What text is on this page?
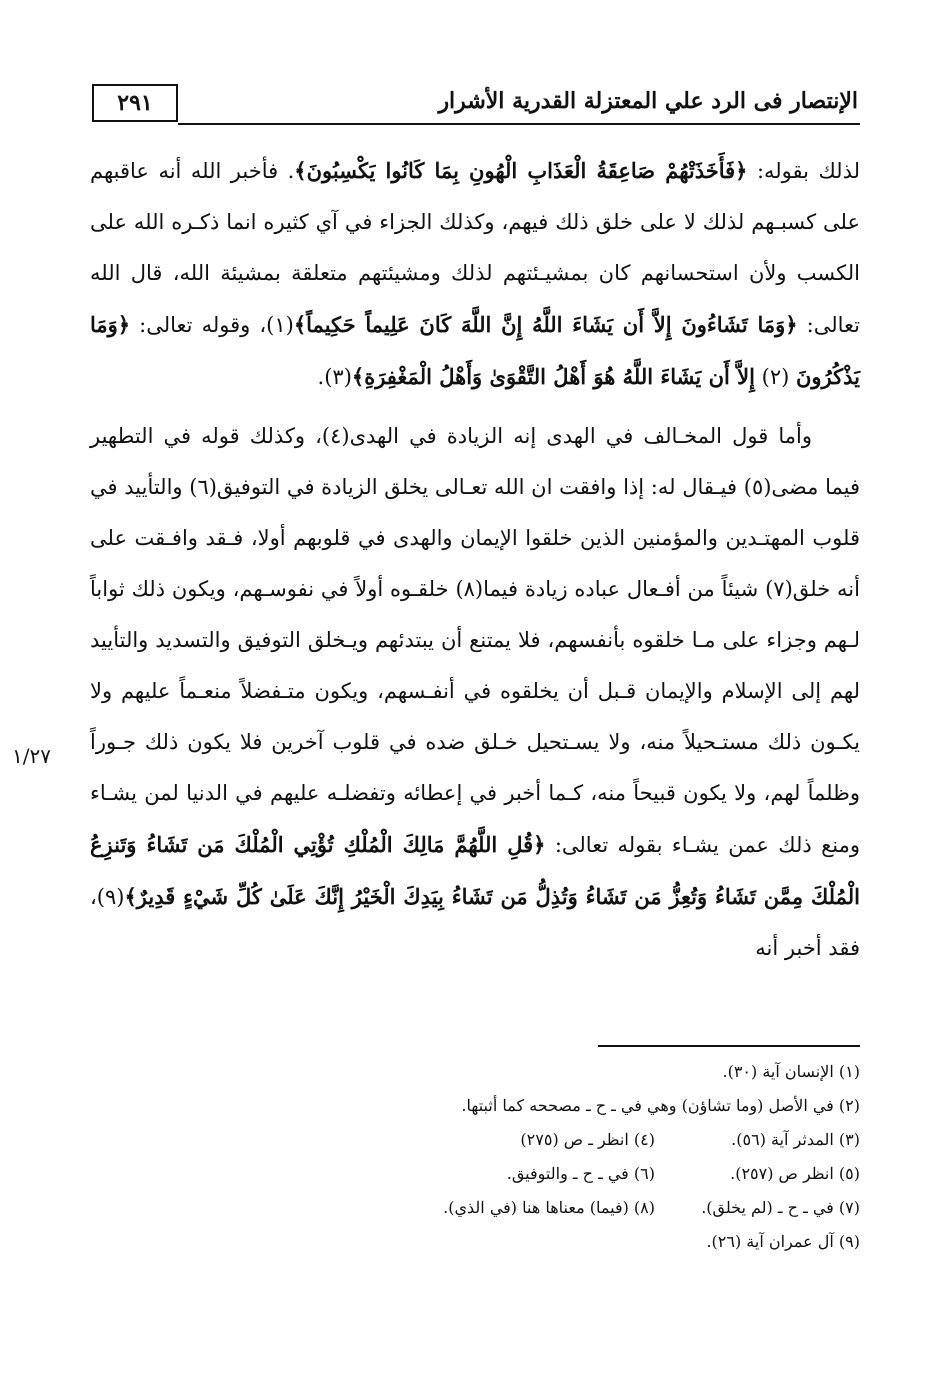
٢٩١	الإنتصار فى الرد علي المعتزلة القدرية الأشرار
١/٢٧

لذلك بقوله: ﴿فَأَخَذَتْهُمْ صَاعِقَةُ الْعَذَابِ الْهُونِ بِمَا كَانُوا يَكْسِبُونَ﴾. فأخبر الله أنه عاقبهم على كسبـهم لذلك لا على خلق ذلك فيهم، وكذلك الجزاء في آي كثيره انما ذكـره الله على الكسب ولأن استحسانهم كان بمشيـئتهم لذلك ومشيئتهم متعلقة بمشيئة الله، قال الله تعالى: ﴿وَمَا تَشَاءُونَ إِلاَّ أَن يَشَاءَ اللَّهُ إِنَّ اللَّهَ كَانَ عَلِيماً حَكِيماً﴾(١)، وقوله تعالى: ﴿وَمَا يَذْكُرُونَ (٢) إِلاَّ أَن يَشَاءَ اللَّهُ هُوَ أَهْلُ التَّقْوَىٰ وَأَهْلُ الْمَغْفِرَةِ﴾(٣).

وأما قول المخـالف في الهدى إنه الزيادة في الهدى(٤)، وكذلك قوله في التطهير فيما مضى(٥) فيـقال له: إذا وافقت ان الله تعـالى يخلق الزيادة في التوفيق(٦) والتأييد في قلوب المهتـدين والمؤمنين الذين خلقوا الإيمان والهدى في قلوبهم أولا، فـقد وافـقت على أنه خلق(٧) شيئاً من أفـعال عباده زيادة فيما(٨) خلقـوه أولاً في نفوسـهم، ويكون ذلك ثواباً لـهم وجزاء على مـا خلقوه بأنفسهم، فلا يمتنع أن يبتدئهم ويـخلق التوفيق والتسديد والتأييد لهم إلى الإسلام والإيمان قـبل أن يخلقوه في أنفـسهم، ويكون متـفضلاً منعـماً عليهم ولا يكـون ذلك مستـحيلاً منه، ولا يسـتحيل خـلق ضده في قلوب آخرين فلا يكون ذلك جـوراً وظلماً لهم، ولا يكون قبيحاً منه، كـما أخبر في إعطائه وتفضلـه عليهم في الدنيا لمن يشـاء ومنع ذلك عمن يشـاء بقوله تعالى: ﴿قُلِ اللَّهُمَّ مَالِكَ الْمُلْكِ تُؤْتِي الْمُلْكَ مَن تَشَاءُ وَتَنزِعُ الْمُلْكَ مِمَّن تَشَاءُ وَتُعِزُّ مَن تَشَاءُ وَتُذِلُّ مَن تَشَاءُ بِيَدِكَ الْخَيْرُ إِنَّكَ عَلَىٰ كُلِّ شَيْءٍ قَدِيرٌ﴾(٩)، فقد أخبر أنه

(١) الإنسان آية (٣٠).
(٢) في الأصل (وما تشاؤن) وهي في ـ ح ـ مصححه كما أثبتها.
(٣) المدثر آية (٥٦).
(٤) انظر ـ ص (٢٧٥)
(٥) انظر ص (٢٥٧).
(٦) في ـ ح ـ والتوفيق.
(٧) في ـ ح ـ (لم يخلق).
(٨) (فيما) معناها هنا (في الذي).
(٩) آل عمران آية (٢٦).
